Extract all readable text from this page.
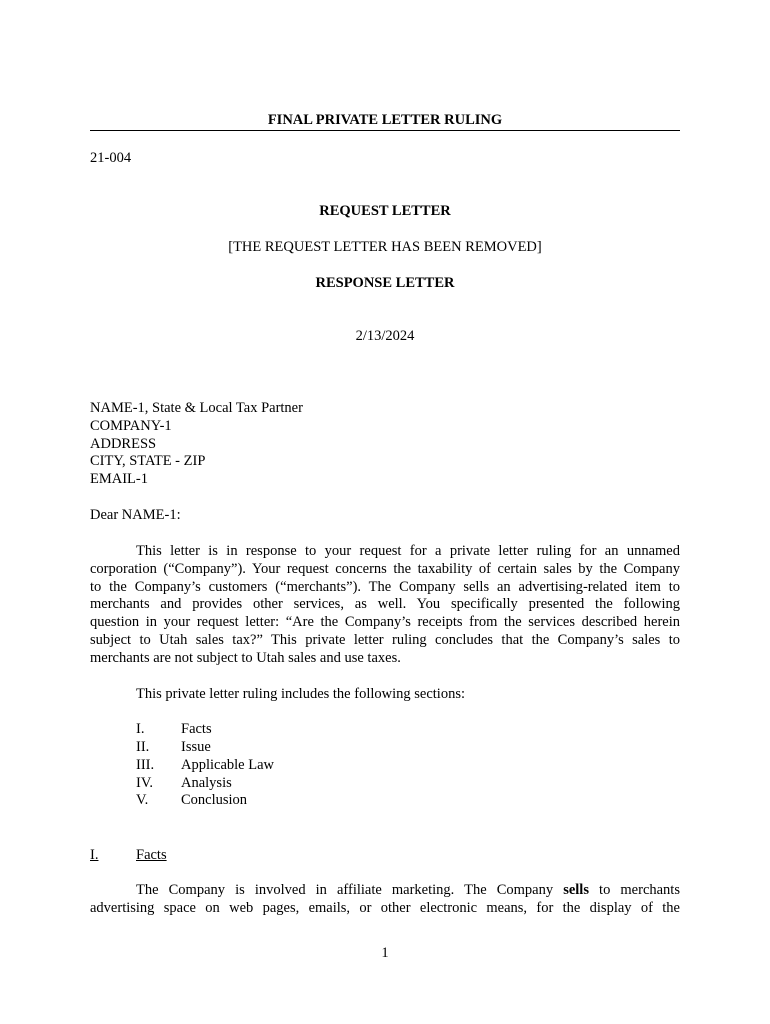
FINAL PRIVATE LETTER RULING
21-004
REQUEST LETTER
[THE REQUEST LETTER HAS BEEN REMOVED]
RESPONSE LETTER
2/13/2024
NAME-1, State & Local Tax Partner
COMPANY-1
ADDRESS
CITY, STATE - ZIP
EMAIL-1
Dear NAME-1:
This letter is in response to your request for a private letter ruling for an unnamed
corporation (“Company”). Your request concerns the taxability of certain sales by the Company
to the Company’s customers (“merchants”). The Company sells an advertising-related item to
merchants and provides other services, as well. You specifically presented the following
question in your request letter: “Are the Company’s receipts from the services described herein
subject to Utah sales tax?” This private letter ruling concludes that the Company’s sales to
merchants are not subject to Utah sales and use taxes.
This private letter ruling includes the following sections:
I.	Facts
II.	Issue
III.	Applicable Law
IV.	Analysis
V.	Conclusion
I.	Facts
The Company is involved in affiliate marketing. The Company sells to merchants
advertising space on web pages, emails, or other electronic means, for the display of the
1
